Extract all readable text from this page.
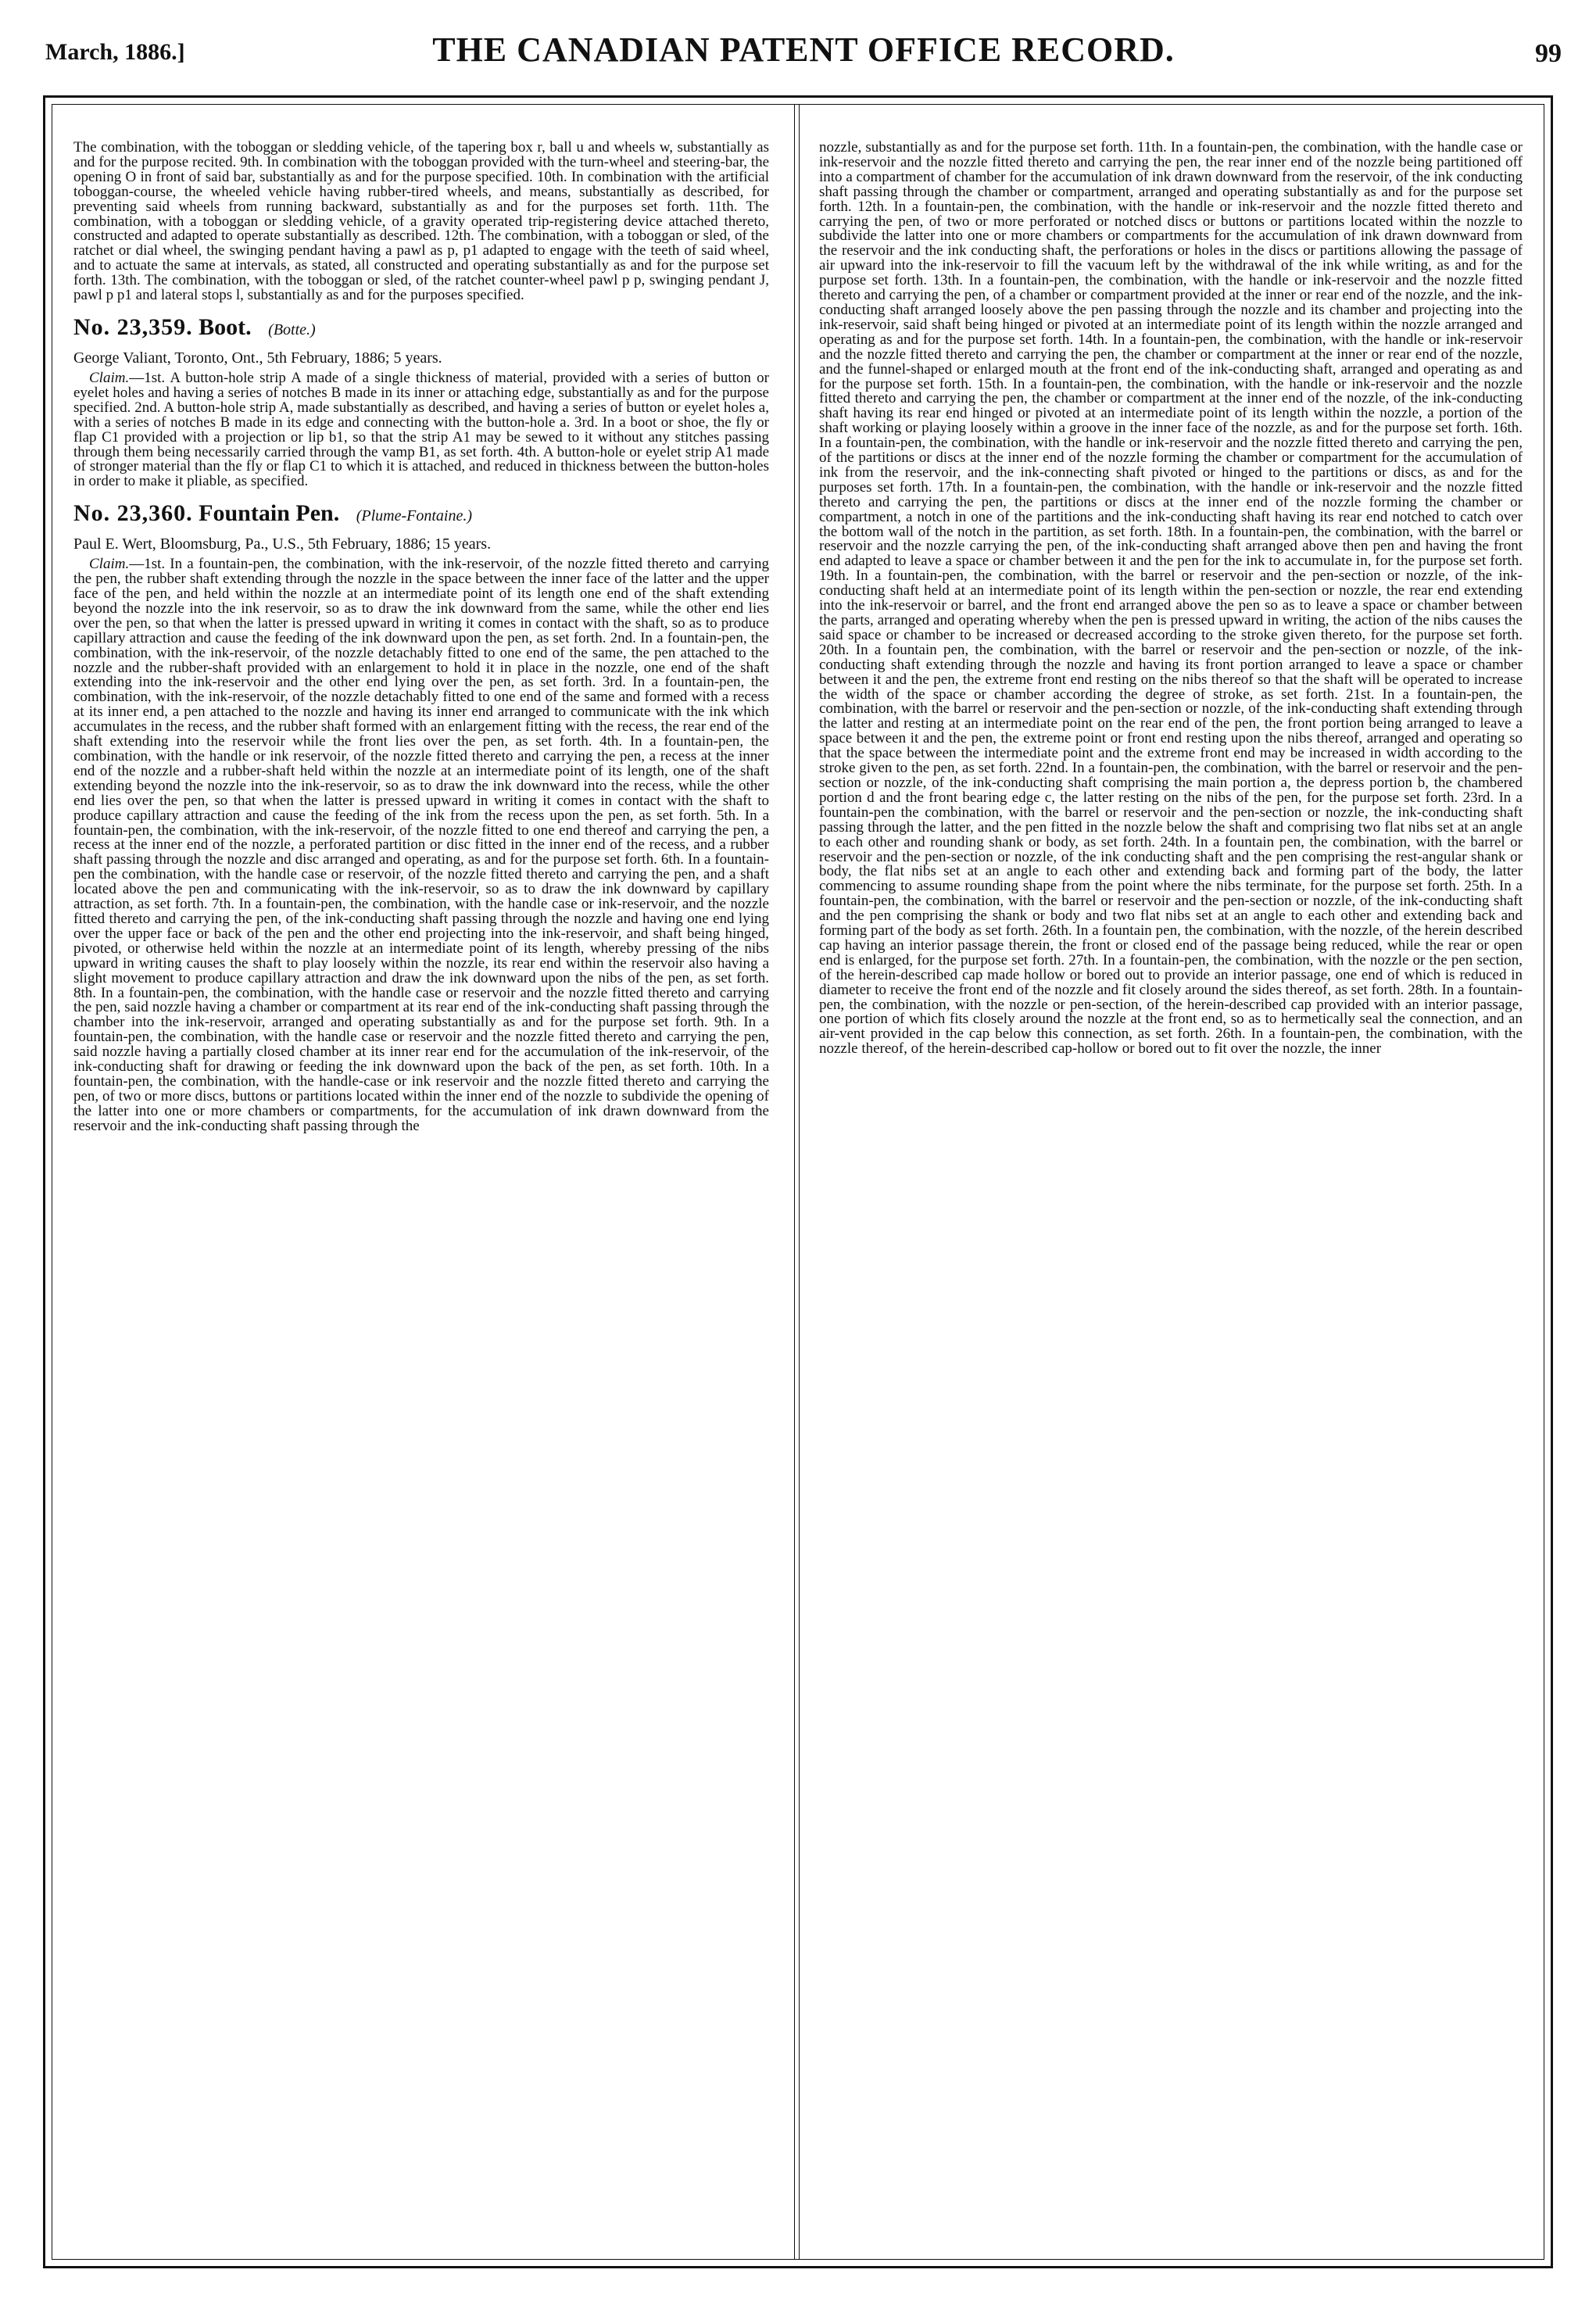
March, 1886.]	THE CANADIAN PATENT OFFICE RECORD.	99

The combination, with the toboggan or sledding vehicle, of the tapering box r, ball u and wheels w, substantially as and for the purpose recited. 9th. In combination with the toboggan provided with the turn-wheel and steering-bar, the opening O in front of said bar, substantially as and for the purpose specified. 10th. In combination with the artificial toboggan-course, the wheeled vehicle having rubber-tired wheels, and means, substantially as described, for preventing said wheels from running backward, substantially as and for the purposes set forth. 11th. The combination, with a toboggan or sledding vehicle, of a gravity operated trip-registering device attached thereto, constructed and adapted to operate substantially as described. 12th. The combination, with a toboggan or sled, of the ratchet or dial wheel, the swinging pendant having a pawl as p, p1 adapted to engage with the teeth of said wheel, and to actuate the same at intervals, as stated, all constructed and operating substantially as and for the purpose set forth. 13th. The combination, with the toboggan or sled, of the ratchet counter-wheel pawl p p, swinging pendant J, pawl p p1 and lateral stops l, substantially as and for the purposes specified.

No. 23,359. Boot. (Botte.)
George Valiant, Toronto, Ont., 5th February, 1886; 5 years.

Claim.—1st. A button-hole strip A made of a single thickness of material, provided with a series of button or eyelet holes and having a series of notches B made in its inner or attaching edge, substantially as and for the purpose specified. 2nd. A button-hole strip A, made substantially as described, and having a series of button or eyelet holes a, with a series of notches B made in its edge and connecting with the button-hole a. 3rd. In a boot or shoe, the fly or flap C1 provided with a projection or lip b1, so that the strip A1 may be sewed to it without any stitches passing through them being necessarily carried through the vamp B1, as set forth. 4th. A button-hole or eyelet strip A1 made of stronger material than the fly or flap C1 to which it is attached, and reduced in thickness between the button-holes in order to make it pliable, as specified.

No. 23,360. Fountain Pen. (Plume-Fontaine.)
Paul E. Wert, Bloomsburg, Pa., U.S., 5th February, 1886; 15 years.

Claim.—1st. In a fountain-pen, the combination, with the ink-reservoir, of the nozzle fitted thereto and carrying the pen, the rubber shaft extending through the nozzle in the space between the inner face of the latter and the upper face of the pen, and held within the nozzle at an intermediate point of its length one end of the shaft extending beyond the nozzle into the ink reservoir, so as to draw the ink downward from the same, while the other end lies over the pen, so that when the latter is pressed upward in writing it comes in contact with the shaft, so as to produce capillary attraction and cause the feeding of the ink downward upon the pen, as set forth. 2nd. In a fountain-pen, the combination, with the ink-reservoir, of the nozzle detachably fitted to one end of the same, the pen attached to the nozzle and the rubber-shaft provided with an enlargement to hold it in place in the nozzle, one end of the shaft extending into the ink-reservoir and the other end lying over the pen, as set forth. 3rd. In a fountain-pen, the combination, with the ink-reservoir, of the nozzle detachably fitted to one end of the same and formed with a recess at its inner end, a pen attached to the nozzle and having its inner end arranged to communicate with the ink which accumulates in the recess, and the rubber shaft formed with an enlargement fitting with the recess, the rear end of the shaft extending into the reservoir while the front lies over the pen, as set forth. 4th. In a fountain-pen, the combination, with the handle or ink reservoir, of the nozzle fitted thereto and carrying the pen, a recess at the inner end of the nozzle and a rubber-shaft held within the nozzle at an intermediate point of its length, one of the shaft extending beyond the nozzle into the ink-reservoir, so as to draw the ink downward into the recess, while the other end lies over the pen, so that when the latter is pressed upward in writing it comes in contact with the shaft to produce capillary attraction and cause the feeding of the ink from the recess upon the pen, as set forth. 5th. In a fountain-pen, the combination, with the ink-reservoir, of the nozzle fitted to one end thereof and carrying the pen, a recess at the inner end of the nozzle, a perforated partition or disc fitted in the inner end of the recess, and a rubber shaft passing through the nozzle and disc arranged and operating, as and for the purpose set forth. 6th. In a fountain-pen the combination, with the handle case or reservoir, of the nozzle fitted thereto and carrying the pen, and a shaft located above the pen and communicating with the ink-reservoir, so as to draw the ink downward by capillary attraction, as set forth. 7th. In a fountain-pen, the combination, with the handle case or ink-reservoir, and the nozzle fitted thereto and carrying the pen, of the ink-conducting shaft passing through the nozzle and having one end lying over the upper face or back of the pen and the other end projecting into the ink-reservoir, and shaft being hinged, pivoted, or otherwise held within the nozzle at an intermediate point of its length, whereby pressing of the nibs upward in writing causes the shaft to play loosely within the nozzle, its rear end within the reservoir also having a slight movement to produce capillary attraction and draw the ink downward upon the nibs of the pen, as set forth. 8th. In a fountain-pen, the combination, with the handle case or reservoir and the nozzle fitted thereto and carrying the pen, said nozzle having a chamber or compartment at its rear end of the ink-conducting shaft passing through the chamber into the ink-reservoir, arranged and operating substantially as and for the purpose set forth. 9th. In a fountain-pen, the combination, with the handle case or reservoir and the nozzle fitted thereto and carrying the pen, said nozzle having a partially closed chamber at its inner rear end for the accumulation of the ink-reservoir, of the ink-conducting shaft for drawing or feeding the ink downward upon the back of the pen, as set forth. 10th. In a fountain-pen, the combination, with the handle-case or ink reservoir and the nozzle fitted thereto and carrying the pen, of two or more discs, buttons or partitions located within the inner end of the nozzle to subdivide the opening of the latter into one or more chambers or compartments, for the accumulation of ink drawn downward from the reservoir and the ink-conducting shaft passing through the

nozzle, substantially as and for the purpose set forth. 11th. In a fountain-pen, the combination, with the handle case or ink-reservoir and the nozzle fitted thereto and carrying the pen, the rear inner end of the nozzle being partitioned off into a compartment of chamber for the accumulation of ink drawn downward from the reservoir, of the ink conducting shaft passing through the chamber or compartment, arranged and operating substantially as and for the purpose set forth. 12th. In a fountain-pen, the combination, with the handle or ink-reservoir and the nozzle fitted thereto and carrying the pen, of two or more perforated or notched discs or buttons or partitions located within the nozzle to subdivide the latter into one or more chambers or compartments for the accumulation of ink drawn downward from the reservoir and the ink conducting shaft, the perforations or holes in the discs or partitions allowing the passage of air upward into the ink-reservoir to fill the vacuum left by the withdrawal of the ink while writing, as and for the purpose set forth. 13th. In a fountain-pen, the combination, with the handle or ink-reservoir and the nozzle fitted thereto and carrying the pen, of a chamber or compartment provided at the inner or rear end of the nozzle, and the ink-conducting shaft arranged loosely above the pen passing through the nozzle and its chamber and projecting into the ink-reservoir, said shaft being hinged or pivoted at an intermediate point of its length within the nozzle arranged and operating as and for the purpose set forth. 14th. In a fountain-pen, the combination, with the handle or ink-reservoir and the nozzle fitted thereto and carrying the pen, the chamber or compartment at the inner or rear end of the nozzle, and the funnel-shaped or enlarged mouth at the front end of the ink-conducting shaft, arranged and operating as and for the purpose set forth. 15th. In a fountain-pen, the combination, with the handle or ink-reservoir and the nozzle fitted thereto and carrying the pen, the chamber or compartment at the inner end of the nozzle, of the ink-conducting shaft having its rear end hinged or pivoted at an intermediate point of its length within the nozzle, a portion of the shaft working or playing loosely within a groove in the inner face of the nozzle, as and for the purpose set forth. 16th. In a fountain-pen, the combination, with the handle or ink-reservoir and the nozzle fitted thereto and carrying the pen, of the partitions or discs at the inner end of the nozzle forming the chamber or compartment for the accumulation of ink from the reservoir, and the ink-connecting shaft pivoted or hinged to the partitions or discs, as and for the purposes set forth. 17th. In a fountain-pen, the combination, with the handle or ink-reservoir and the nozzle fitted thereto and carrying the pen, the partitions or discs at the inner end of the nozzle forming the chamber or compartment, a notch in one of the partitions and the ink-conducting shaft having its rear end notched to catch over the bottom wall of the notch in the partition, as set forth. 18th. In a fountain-pen, the combination, with the barrel or reservoir and the nozzle carrying the pen, of the ink-conducting shaft arranged above then pen and having the front end adapted to leave a space or chamber between it and the pen for the ink to accumulate in, for the purpose set forth. 19th. In a fountain-pen, the combination, with the barrel or reservoir and the pen-section or nozzle, of the ink-conducting shaft held at an intermediate point of its length within the pen-section or nozzle, the rear end extending into the ink-reservoir or barrel, and the front end arranged above the pen so as to leave a space or chamber between the parts, arranged and operating whereby when the pen is pressed upward in writing, the action of the nibs causes the said space or chamber to be increased or decreased according to the stroke given thereto, for the purpose set forth. 20th. In a fountain pen, the combination, with the barrel or reservoir and the pen-section or nozzle, of the ink-conducting shaft extending through the nozzle and having its front portion arranged to leave a space or chamber between it and the pen, the extreme front end resting on the nibs thereof so that the shaft will be operated to increase the width of the space or chamber according the degree of stroke, as set forth. 21st. In a fountain-pen, the combination, with the barrel or reservoir and the pen-section or nozzle, of the ink-conducting shaft extending through the latter and resting at an intermediate point on the rear end of the pen, the front portion being arranged to leave a space between it and the pen, the extreme point or front end resting upon the nibs thereof, arranged and operating so that the space between the intermediate point and the extreme front end may be increased in width according to the stroke given to the pen, as set forth. 22nd. In a fountain-pen, the combination, with the barrel or reservoir and the pen-section or nozzle, of the ink-conducting shaft comprising the main portion a, the depress portion b, the chambered portion d and the front bearing edge c, the latter resting on the nibs of the pen, for the purpose set forth. 23rd. In a fountain-pen the combination, with the barrel or reservoir and the pen-section or nozzle, the ink-conducting shaft passing through the latter, and the pen fitted in the nozzle below the shaft and comprising two flat nibs set at an angle to each other and rounding shank or body, as set forth. 24th. In a fountain pen, the combination, with the barrel or reservoir and the pen-section or nozzle, of the ink conducting shaft and the pen comprising the rest-angular shank or body, the flat nibs set at an angle to each other and extending back and forming part of the body, the latter commencing to assume rounding shape from the point where the nibs terminate, for the purpose set forth. 25th. In a fountain-pen, the combination, with the barrel or reservoir and the pen-section or nozzle, of the ink-conducting shaft and the pen comprising the shank or body and two flat nibs set at an angle to each other and extending back and forming part of the body as set forth. 26th. In a fountain pen, the combination, with the nozzle, of the herein described cap having an interior passage therein, the front or closed end of the passage being reduced, while the rear or open end is enlarged, for the purpose set forth. 27th. In a fountain-pen, the combination, with the nozzle or the pen section, of the herein-described cap made hollow or bored out to provide an interior passage, one end of which is reduced in diameter to receive the front end of the nozzle and fit closely around the sides thereof, as set forth. 28th. In a fountain-pen, the combination, with the nozzle or pen-section, of the herein-described cap provided with an interior passage, one portion of which fits closely around the nozzle at the front end, so as to hermetically seal the connection, and an air-vent provided in the cap below this connection, as set forth. 26th. In a fountain-pen, the combination, with the nozzle thereof, of the herein-described cap-hollow or bored out to fit over the nozzle, the inner
